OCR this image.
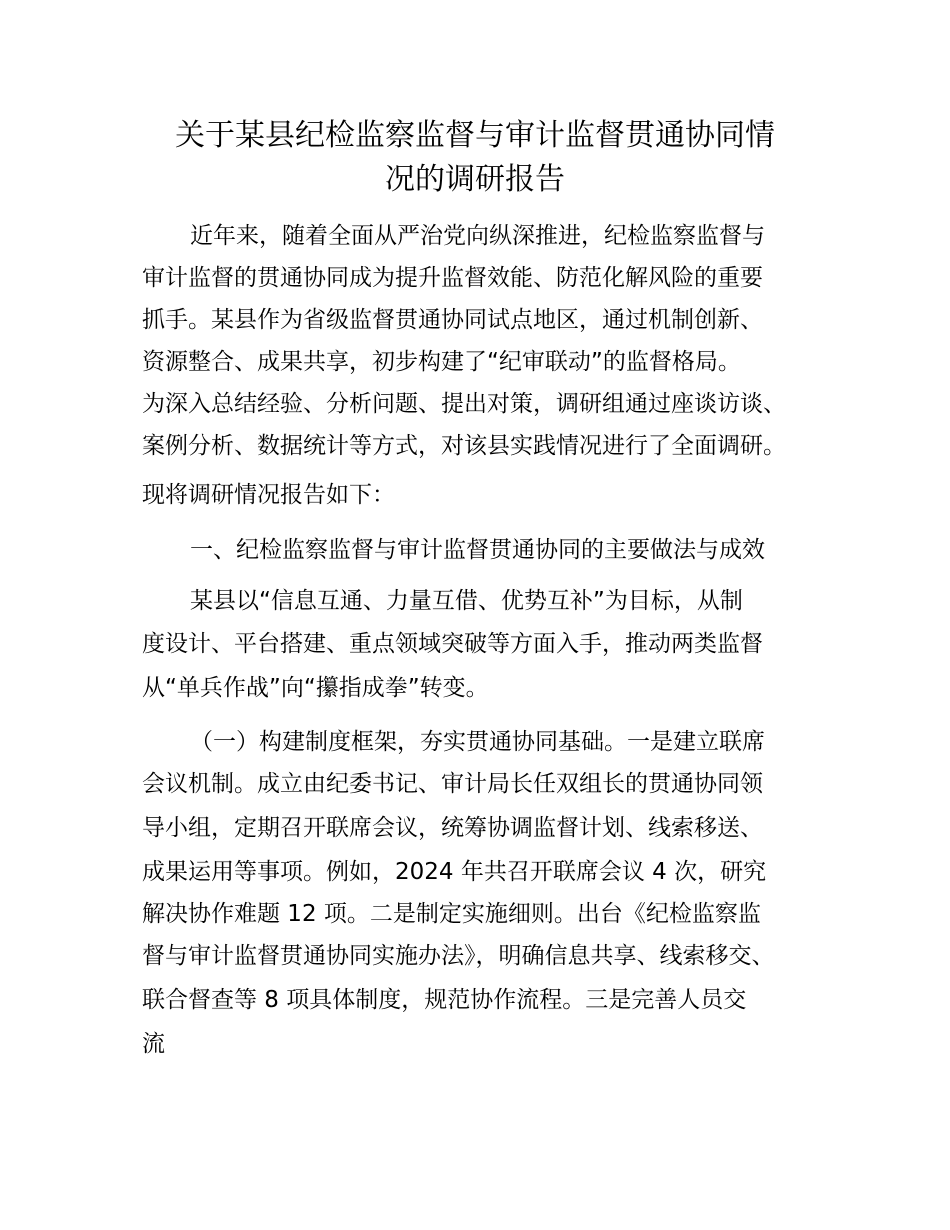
关于某县纪检监察监督与审计监督贯通协同情
况的调研报告
近年来，随着全面从严治党向纵深推进，纪检监察监督与
审计监督的贯通协同成为提升监督效能、防范化解风险的重要
抓手。某县作为省级监督贯通协同试点地区，通过机制创新、
资源整合、成果共享，初步构建了“纪审联动”的监督格局。
为深入总结经验、分析问题、提出对策，调研组通过座谈访谈、
案例分析、数据统计等方式，对该县实践情况进行了全面调研。
现将调研情况报告如下：
一、纪检监察监督与审计监督贯通协同的主要做法与成效
某县以“信息互通、力量互借、优势互补”为目标，从制
度设计、平台搭建、重点领域突破等方面入手，推动两类监督
从“单兵作战”向“攥指成拳”转变。
（一）构建制度框架，夯实贯通协同基础。一是建立联席
会议机制。成立由纪委书记、审计局长任双组长的贯通协同领
导小组，定期召开联席会议，统筹协调监督计划、线索移送、
成果运用等事项。例如，2024 年共召开联席会议 4 次，研究
解决协作难题 12 项。二是制定实施细则。出台《纪检监察监
督与审计监督贯通协同实施办法》，明确信息共享、线索移交、
联合督查等 8 项具体制度，规范协作流程。三是完善人员交
流
